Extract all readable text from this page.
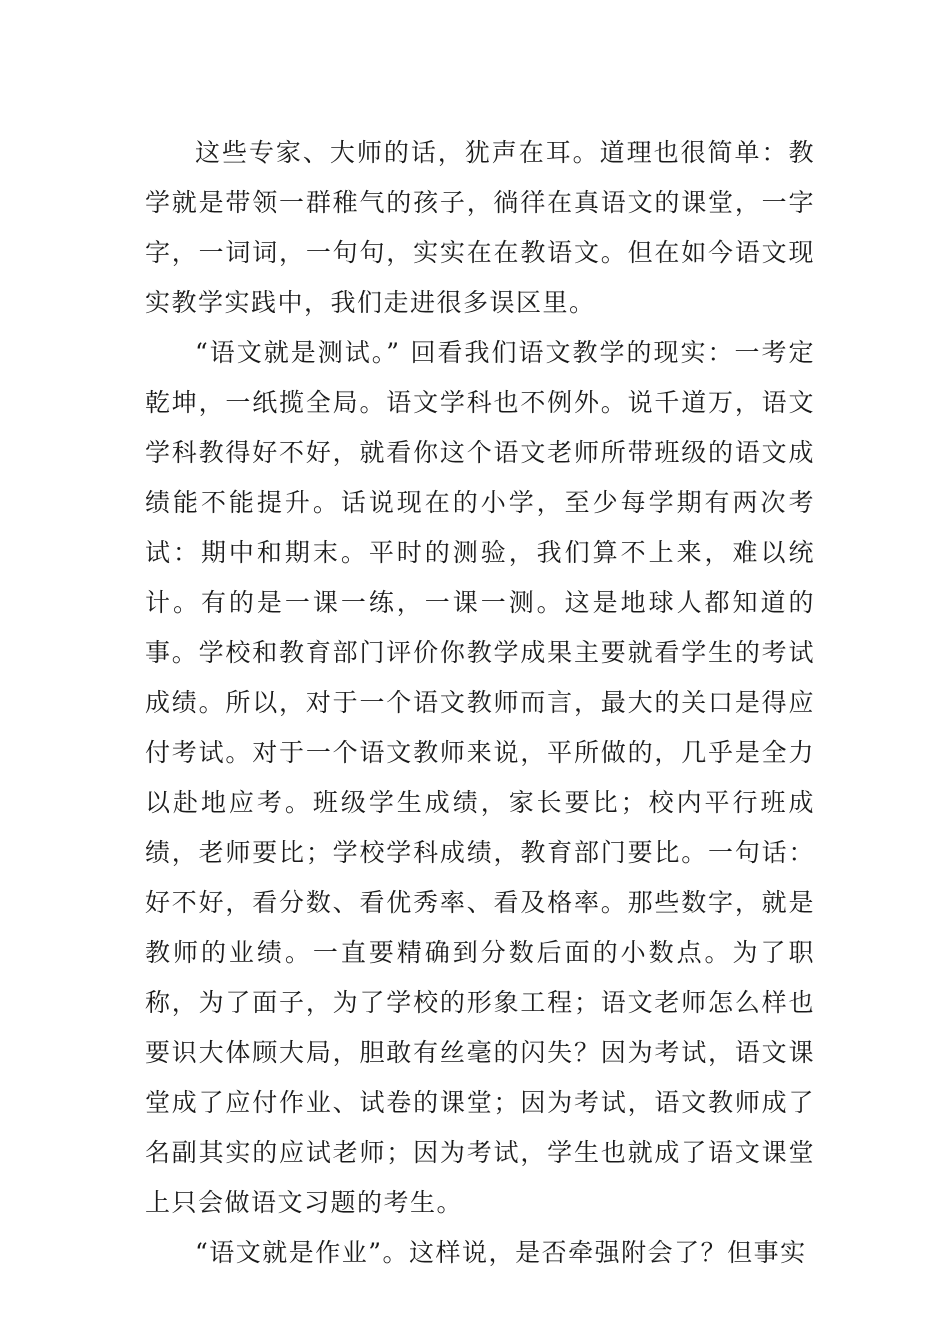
这些专家、大师的话，犹声在耳。道理也很简单：教学就是带领一群稚气的孩子，徜徉在真语文的课堂，一字字，一词词，一句句，实实在在教语文。但在如今语文现实教学实践中，我们走进很多误区里。

“语文就是测试。” 回看我们语文教学的现实：一考定乾坤，一纸揽全局。语文学科也不例外。说千道万，语文学科教得好不好，就看你这个语文老师所带班级的语文成绩能不能提升。话说现在的小学，至少每学期有两次考试：期中和期末。平时的测验，我们算不上来，难以统计。有的是一课一练，一课一测。这是地球人都知道的事。学校和教育部门评价你教学成果主要就看学生的考试成绩。所以，对于一个语文教师而言，最大的关口是得应付考试。对于一个语文教师来说，平所做的，几乎是全力以赴地应考。班级学生成绩，家长要比；校内平行班成绩，老师要比；学校学科成绩，教育部门要比。一句话：好不好，看分数、看优秀率、看及格率。那些数字，就是教师的业绩。一直要精确到分数后面的小数点。为了职称，为了面子，为了学校的形象工程；语文老师怎么样也要识大体顾大局，胆敢有丝毫的闪失？因为考试，语文课堂成了应付作业、试卷的课堂；因为考试，语文教师成了名副其实的应试老师；因为考试，学生也就成了语文课堂上只会做语文习题的考生。

“语文就是作业”。这样说，是否牵强附会了？但事实
